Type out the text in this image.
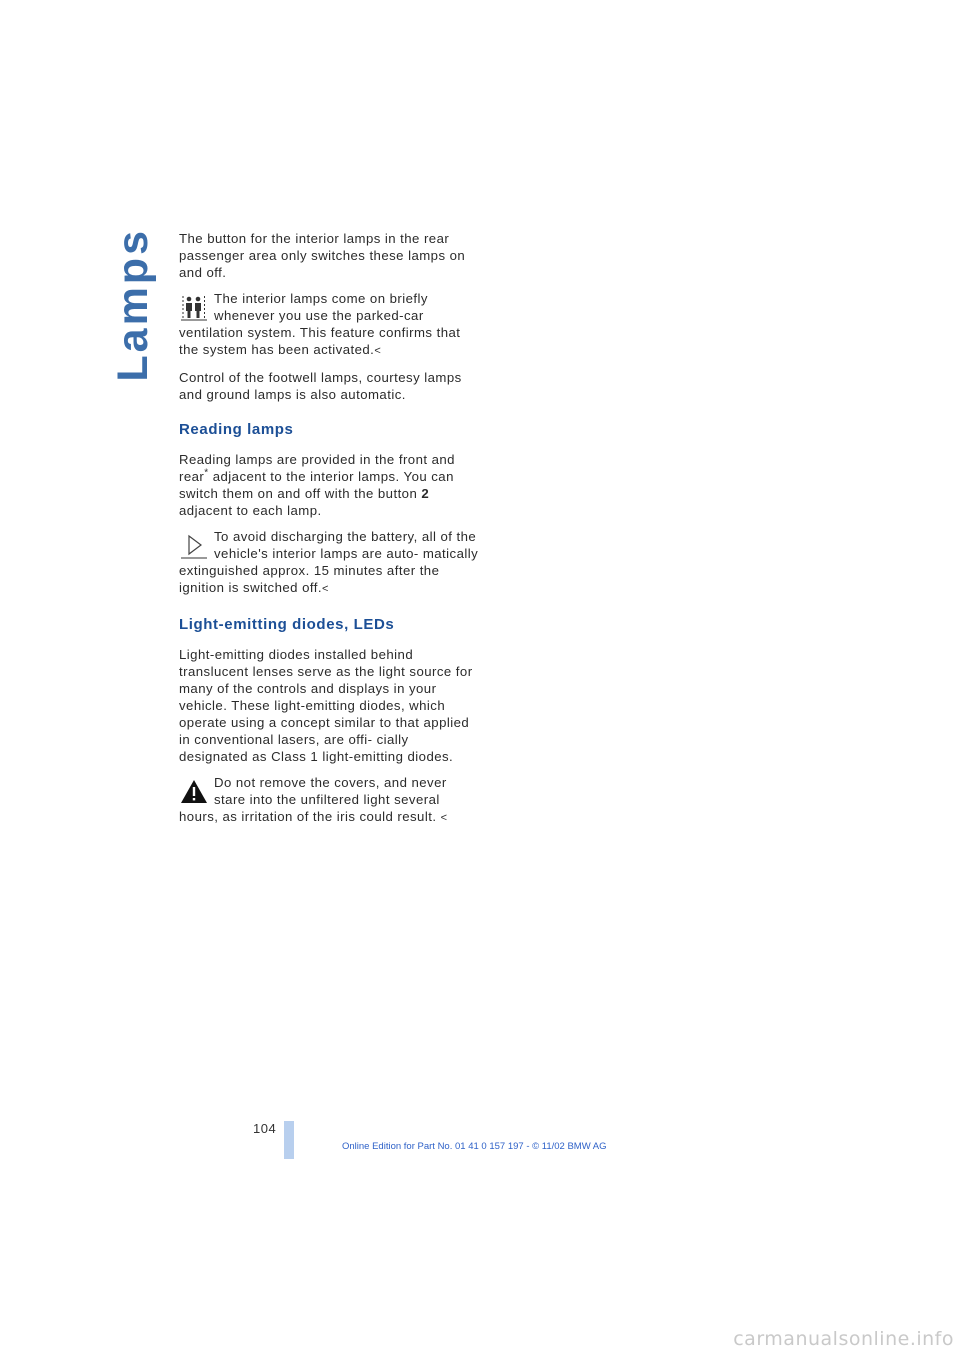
Lamps The button for the interior lamps in the rear passenger area only switches these lamps on and off.

The interior lamps come on briefly whenever you use the parked-car ventilation system. This feature confirms that the system has been activated.<

Control of the footwell lamps, courtesy lamps and ground lamps is also automatic.

Reading lamps

Reading lamps are provided in the front and rear* adjacent to the interior lamps. You can switch them on and off with the button 2 adjacent to each lamp.

To avoid discharging the battery, all of the vehicle's interior lamps are auto- matically extinguished approx. 15 minutes after the ignition is switched off.<
Light-emitting diodes, LEDs

Light-emitting diodes installed behind translucent lenses serve as the light source for many of the controls and displays in your vehicle. These light-emitting diodes, which operate using a concept similar to that applied in conventional lasers, are offi- cially designated as Class 1 light-emitting diodes.

Do not remove the covers, and never stare into the unfiltered light several hours, as irritation of the iris could result. <
104
Online Edition for Part No. 01 41 0 157 197 - © 11/02 BMW AG
carmanualsonline.info
